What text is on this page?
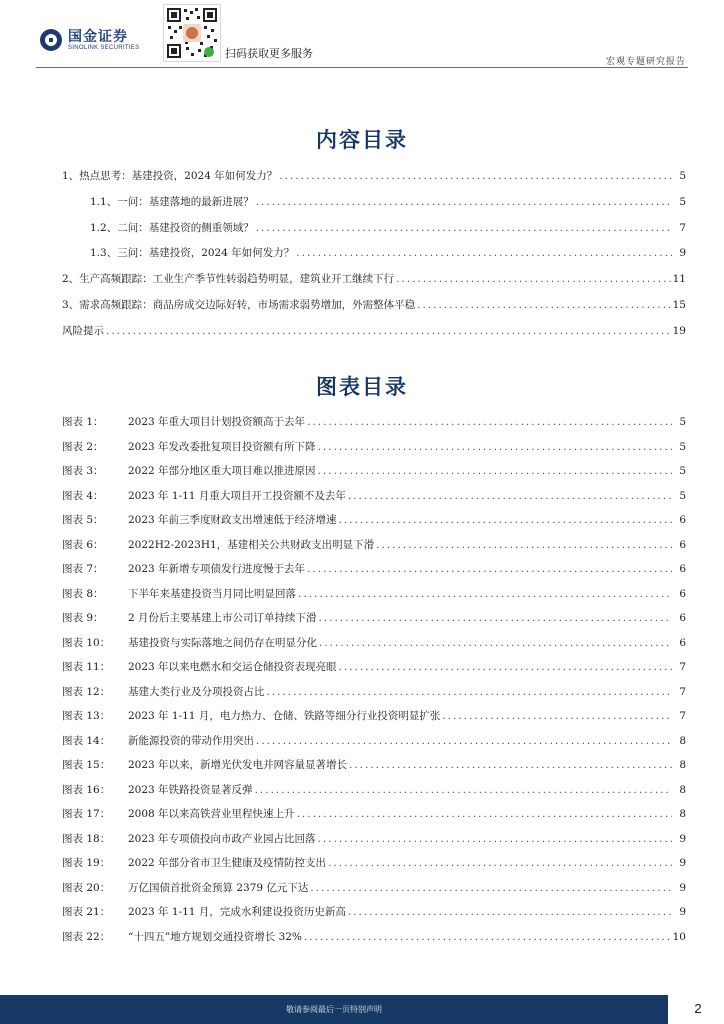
国金证券
SINOLINK SECURITIES	扫码获取更多服务
宏观专题研究报告
内容目录
1、热点思考：基建投资，2024 年如何发力？ .....	5
1.1、一问：基建落地的最新进展？ .....	5
1.2、二问：基建投资的侧重领域？ .....	7
1.3、三问：基建投资，2024 年如何发力？ .....	9
2、生产高频跟踪：工业生产季节性转弱趋势明显，建筑业开工继续下行 .....	11
3、需求高频跟踪：商品房成交边际好转，市场需求弱势增加，外需整体平稳 .....	15
风险提示 .....	19
图表目录
图表 1：	2023 年重大项目计划投资额高于去年 .....	5
图表 2：	2023 年发改委批复项目投资额有所下降 .....	5
图表 3：	2022 年部分地区重大项目难以推进原因 .....	5
图表 4：	2023 年 1-11 月重大项目开工投资额不及去年 .....	5
图表 5：	2023 年前三季度财政支出增速低于经济增速 .....	6
图表 6：	2022H2-2023H1，基建相关公共财政支出明显下滑 .....	6
图表 7：	2023 年新增专项债发行进度慢于去年 .....	6
图表 8：	下半年来基建投资当月同比明显回落 .....	6
图表 9：	2 月份后主要基建上市公司订单持续下滑 .....	6
图表 10：	基建投资与实际落地之间仍存在明显分化 .....	6
图表 11：	2023 年以来电燃水和交运仓储投资表现亮眼 .....	7
图表 12：	基建大类行业及分项投资占比 .....	7
图表 13：	2023 年 1-11 月，电力热力、仓储、铁路等细分行业投资明显扩张 .....	7
图表 14：	新能源投资的带动作用突出 .....	8
图表 15：	2023 年以来，新增光伏发电并网容量显著增长 .....	8
图表 16：	2023 年铁路投资显著反弹 .....	8
图表 17：	2008 年以来高铁营业里程快速上升 .....	8
图表 18：	2023 年专项债投向市政产业园占比回落 .....	9
图表 19：	2022 年部分省市卫生健康及疫情防控支出 .....	9
图表 20：	万亿国债首批资金预算 2379 亿元下达 .....	9
图表 21：	2023 年 1-11 月，完成水利建设投资历史新高 .....	9
图表 22：	“十四五”地方规划交通投资增长 32% .....	10
敬请参阅最后一页特别声明	2
